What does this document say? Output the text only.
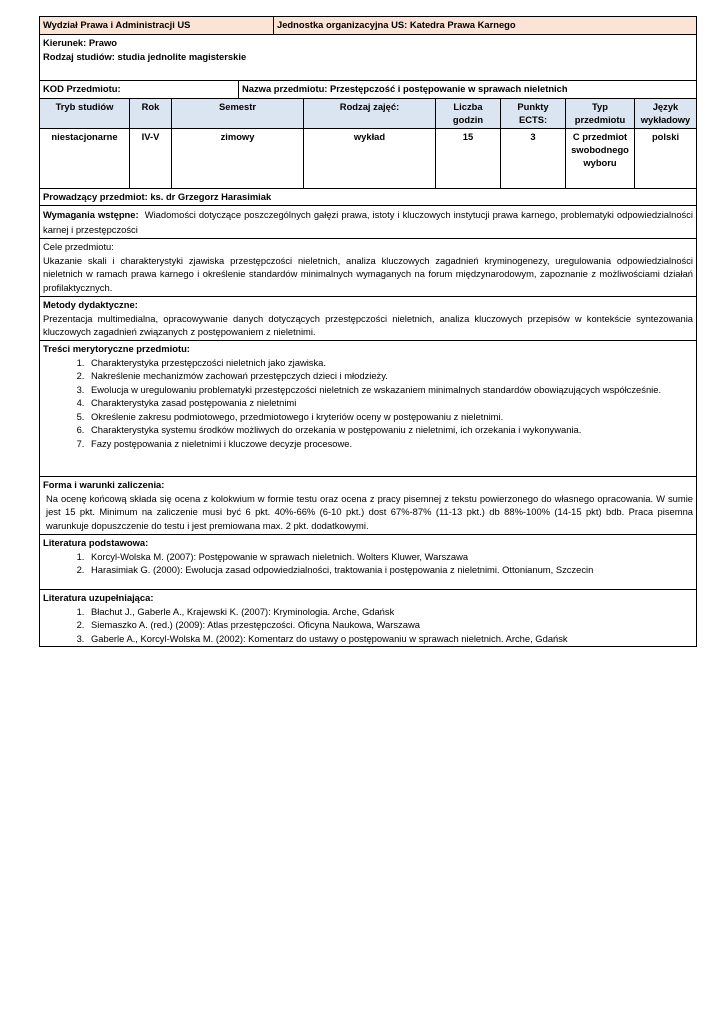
Wydział Prawa i Administracji US	Jednostka organizacyjna US: Katedra Prawa Karnego
Kierunek: Prawo
Rodzaj studiów: studia jednolite magisterskie
KOD Przedmiotu:	Nazwa przedmiotu: Przestępczość i postępowanie w sprawach nieletnich
Tryb studiów	Rok	Semestr	Rodzaj zajęć:	Liczba godzin	Punkty ECTS:	Typ przedmiotu	Język wykładowy
niestacjonarne	IV-V	zimowy	wykład	15	3	C przedmiot swobodnego wyboru	polski
Prowadzący przedmiot: ks. dr Grzegorz Harasimiak
Wymagania wstępne: Wiadomości dotyczące poszczególnych gałęzi prawa, istoty i kluczowych instytucji prawa karnego, problematyki odpowiedzialności karnej i przestępczości
Cele przedmiotu:
Ukazanie skali i charakterystyki zjawiska przestępczości nieletnich, analiza kluczowych zagadnień kryminogenezy, uregulowania odpowiedzialności nieletnich w ramach prawa karnego i określenie standardów minimalnych wymaganych na forum międzynarodowym, zapoznanie z możliwościami działań profilaktycznych.
Metody dydaktyczne:
Prezentacja multimedialna, opracowywanie danych dotyczących przestępczości nieletnich, analiza kluczowych przepisów w kontekście syntezowania kluczowych zagadnień związanych z postępowaniem z nieletnimi.
Treści merytoryczne przedmiotu:
1. Charakterystyka przestępczości nieletnich jako zjawiska.
2. Nakreślenie mechanizmów zachowań przestępczych dzieci i młodzieży.
3. Ewolucja w uregulowaniu problematyki przestępczości nieletnich ze wskazaniem minimalnych standardów obowiązujących współcześnie.
4. Charakterystyka zasad postępowania z nieletnimi
5. Określenie zakresu podmiotowego, przedmiotowego i kryteriów oceny w postępowaniu z nieletnimi.
6. Charakterystyka systemu środków możliwych do orzekania w postępowaniu z nieletnimi, ich orzekania i wykonywania.
7. Fazy postępowania z nieletnimi i kluczowe decyzje procesowe.
Forma i warunki zaliczenia:
Na ocenę końcową składa się ocena z kolokwium w formie testu oraz ocena z pracy pisemnej z tekstu powierzonego do własnego opracowania. W sumie jest 15 pkt. Minimum na zaliczenie musi być 6 pkt. 40%-66% (6-10 pkt.) dost 67%-87% (11-13 pkt.) db 88%-100% (14-15 pkt) bdb. Praca pisemna warunkuje dopuszczenie do testu i jest premiowana max. 2 pkt. dodatkowymi.
Literatura podstawowa:
1. Korcyl-Wolska M. (2007): Postępowanie w sprawach nieletnich. Wolters Kluwer, Warszawa
2. Harasimiak G. (2000): Ewolucja zasad odpowiedzialności, traktowania i postępowania z nieletnimi. Ottonianum, Szczecin
Literatura uzupełniająca:
1. Błachut J., Gaberle A., Krajewski K. (2007): Kryminologia. Arche, Gdańsk
2. Siemaszko A. (red.) (2009): Atlas przestępczości. Oficyna Naukowa, Warszawa
3. Gaberle A., Korcyl-Wolska M. (2002): Komentarz do ustawy o postępowaniu w sprawach nieletnich. Arche, Gdańsk
